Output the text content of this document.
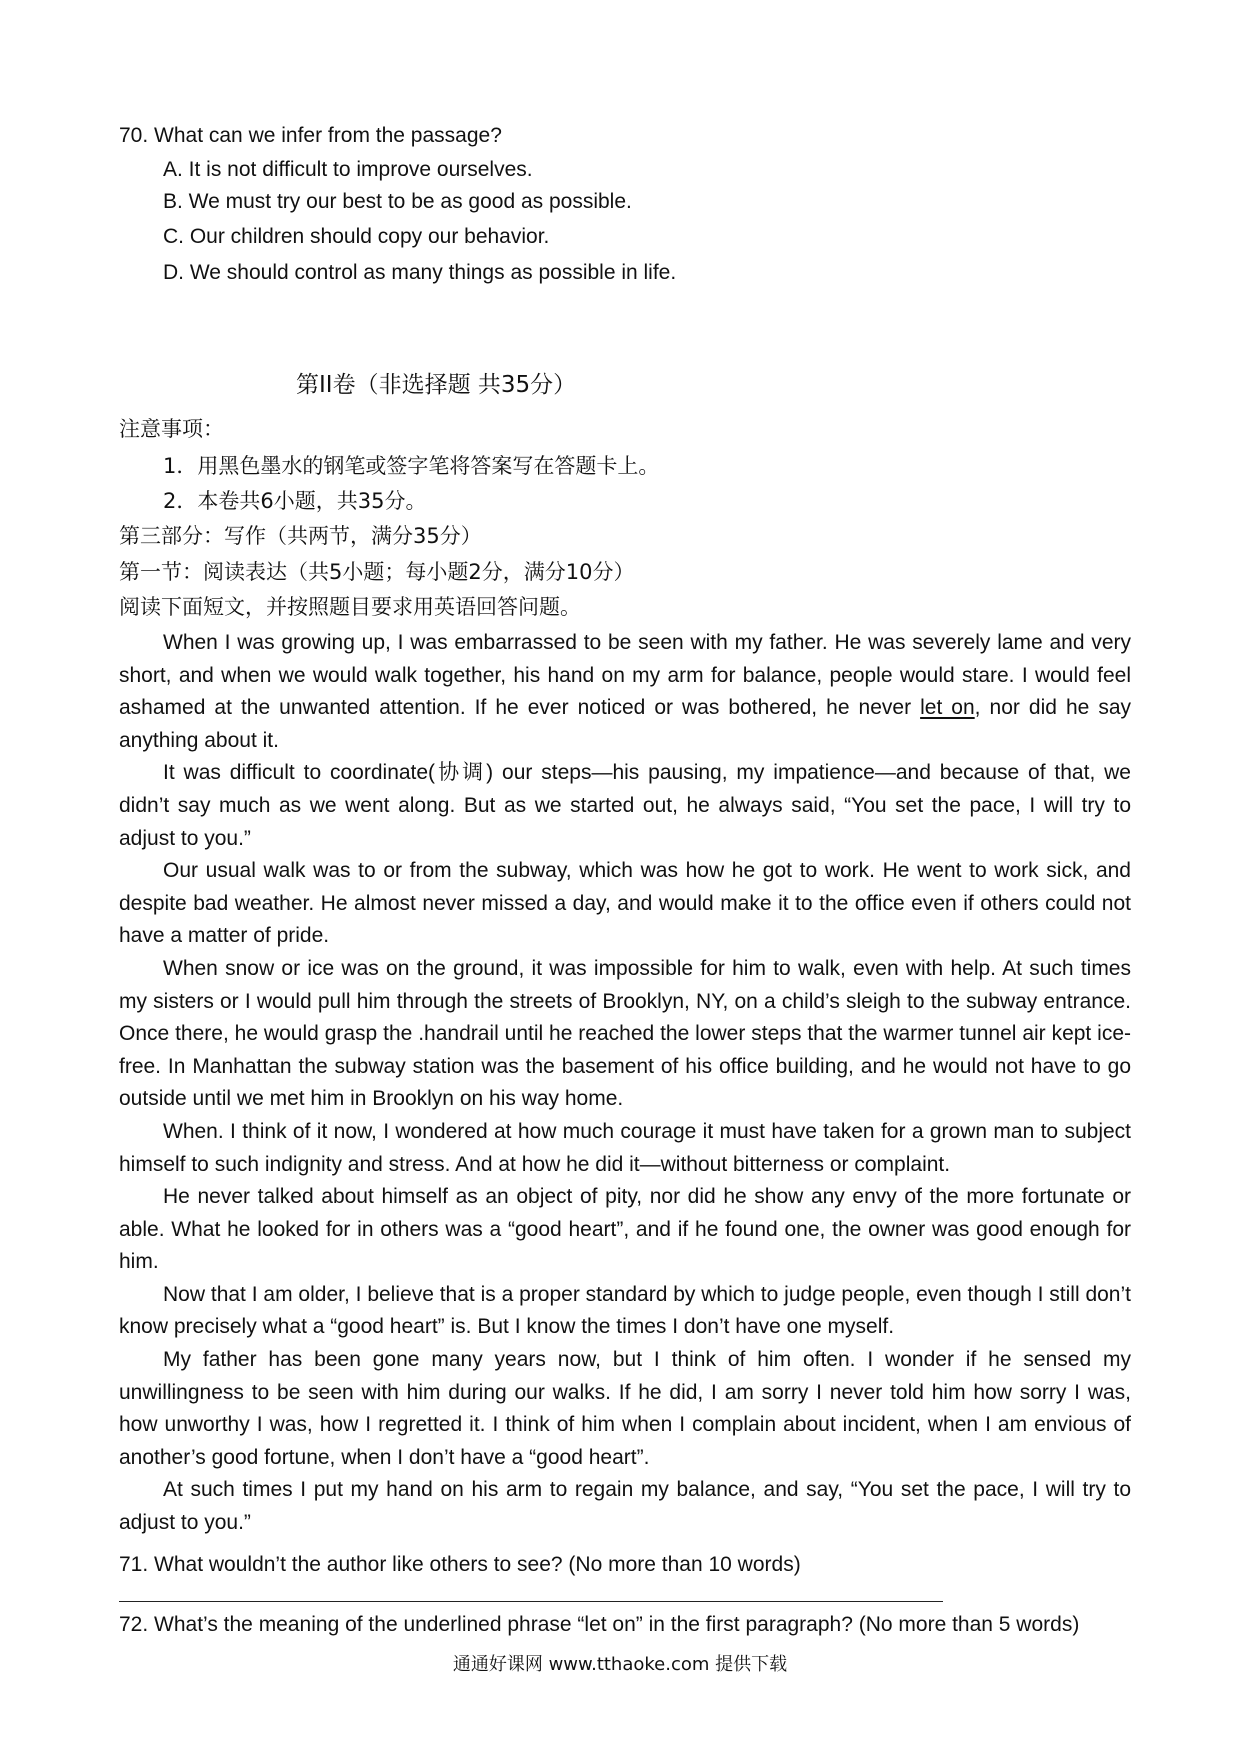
70. What can we infer from the passage?
A. It is not difficult to improve ourselves.
B. We must try our best to be as good as possible.
C. Our children should copy our behavior.
D. We should control as many things as possible in life.
第II卷（非选择题 共35分）
注意事项：
1．用黑色墨水的钢笔或签字笔将答案写在答题卡上。
2．本卷共6小题，共35分。
第三部分：写作（共两节，满分35分）
第一节：阅读表达（共5小题；每小题2分，满分10分）
阅读下面短文，并按照题目要求用英语回答问题。

When I was growing up, I was embarrassed to be seen with my father. He was severely lame and very short, and when we would walk together, his hand on my arm for balance, people would stare. I would feel ashamed at the unwanted attention. If he ever noticed or was bothered, he never let on, nor did he say anything about it.

It was difficult to coordinate(协调) our steps—his pausing, my impatience—and because of that, we didn’t say much as we went along. But as we started out, he always said, “You set the pace, I will try to adjust to you.”

Our usual walk was to or from the subway, which was how he got to work. He went to work sick, and despite bad weather. He almost never missed a day, and would make it to the office even if others could not have a matter of pride.

When snow or ice was on the ground, it was impossible for him to walk, even with help. At such times my sisters or I would pull him through the streets of Brooklyn, NY, on a child’s sleigh to the subway entrance. Once there, he would grasp the .handrail until he reached the lower steps that the warmer tunnel air kept ice-free. In Manhattan the subway station was the basement of his office building, and he would not have to go outside until we met him in Brooklyn on his way home.

When. I think of it now, I wondered at how much courage it must have taken for a grown man to subject himself to such indignity and stress. And at how he did it—without bitterness or complaint.

He never talked about himself as an object of pity, nor did he show any envy of the more fortunate or able. What he looked for in others was a “good heart”, and if he found one, the owner was good enough for him.

Now that I am older, I believe that is a proper standard by which to judge people, even though I still don’t know precisely what a “good heart” is. But I know the times I don’t have one myself.

My father has been gone many years now, but I think of him often. I wonder if he sensed my unwillingness to be seen with him during our walks. If he did, I am sorry I never told him how sorry I was, how unworthy I was, how I regretted it. I think of him when I complain about incident, when I am envious of another’s good fortune, when I don’t have a “good heart”.

At such times I put my hand on his arm to regain my balance, and say, “You set the pace, I will try to adjust to you.”

71. What wouldn’t the author like others to see? (No more than 10 words)
72. What’s the meaning of the underlined phrase “let on” in the first paragraph? (No more than 5 words)
通通好课网 www.tthaoke.com 提供下载
